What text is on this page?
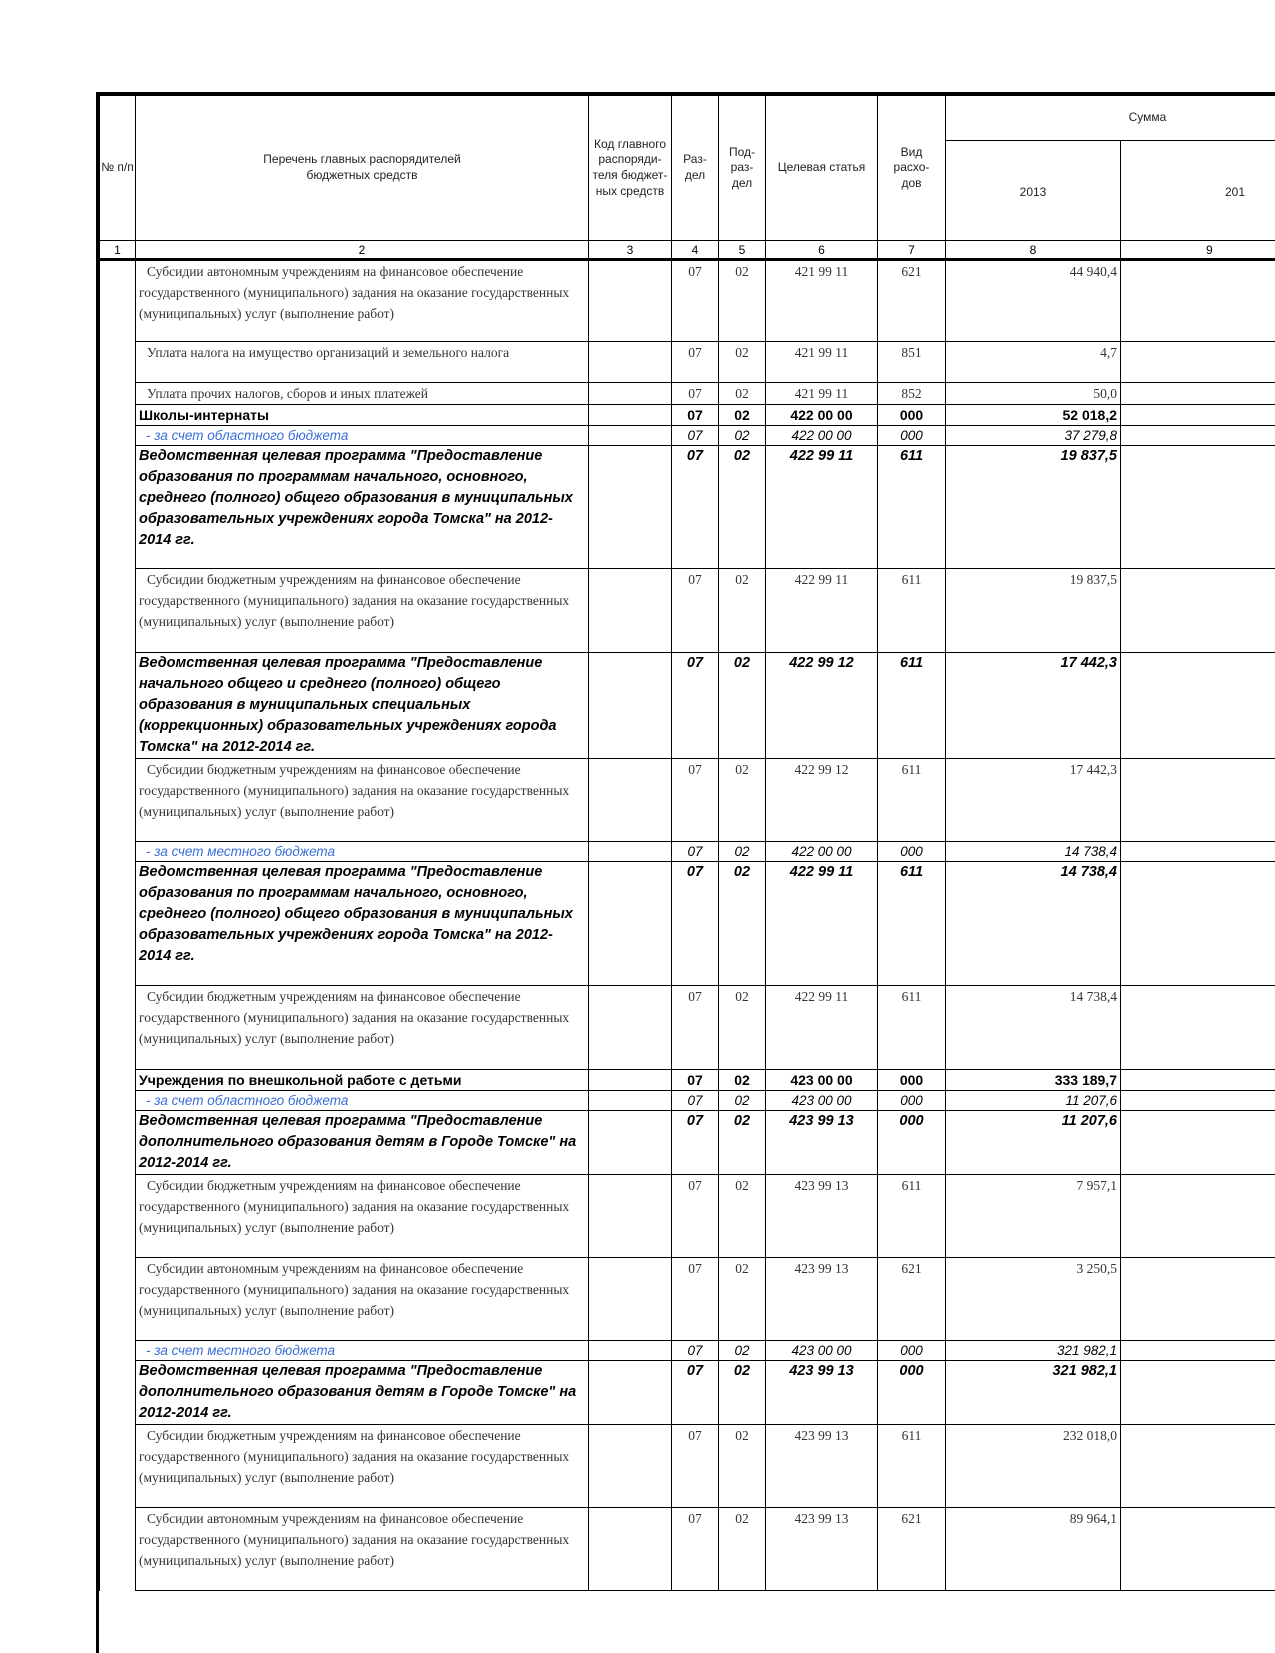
№ п/п	Перечень главных распорядителей бюджетных средств	Код главного распоряди- теля бюджет- ных средств	Раз- дел	Под- раз- дел	Целевая статья	Вид расхо- дов	Сумма	
							2013	201
1	2	3	4	5	6	7	8	9
	Субсидии автономным учреждениям на финансовое обеспечение государственного (муниципального) задания на оказание государственных (муниципальных) услуг (выполнение работ)		07	02	421 99 11	621	44 940,4	
	Уплата налога на имущество организаций и земельного налога		07	02	421 99 11	851	4,7	
	Уплата прочих налогов, сборов и иных платежей		07	02	421 99 11	852	50,0	
	Школы-интернаты		07	02	422 00 00	000	52 018,2	
	- за счет областного бюджета		07	02	422 00 00	000	37 279,8	
	Ведомственная целевая программа "Предоставление образования по программам начального, основного, среднего (полного) общего образования в муниципальных образовательных учреждениях города Томска" на 2012-2014 гг.		07	02	422 99 11	611	19 837,5	
	Субсидии бюджетным учреждениям на финансовое обеспечение государственного (муниципального) задания на оказание государственных (муниципальных) услуг (выполнение работ)		07	02	422 99 11	611	19 837,5	
	Ведомственная целевая программа "Предоставление начального общего и среднего (полного) общего образования в муниципальных специальных (коррекционных) образовательных учреждениях города Томска" на 2012-2014 гг.		07	02	422 99 12	611	17 442,3	
	Субсидии бюджетным учреждениям на финансовое обеспечение государственного (муниципального) задания на оказание государственных (муниципальных) услуг (выполнение работ)		07	02	422 99 12	611	17 442,3	
	- за счет местного бюджета		07	02	422 00 00	000	14 738,4	
	Ведомственная целевая программа "Предоставление образования по программам начального, основного, среднего (полного) общего образования в муниципальных образовательных учреждениях города Томска" на 2012-2014 гг.		07	02	422 99 11	611	14 738,4	
	Субсидии бюджетным учреждениям на финансовое обеспечение государственного (муниципального) задания на оказание государственных (муниципальных) услуг (выполнение работ)		07	02	422 99 11	611	14 738,4	
	Учреждения по внешкольной работе с детьми		07	02	423 00 00	000	333 189,7	
	- за счет областного бюджета		07	02	423 00 00	000	11 207,6	
	Ведомственная целевая программа "Предоставление дополнительного образования детям в Городе Томске" на 2012-2014 гг.		07	02	423 99 13	000	11 207,6	
	Субсидии бюджетным учреждениям на финансовое обеспечение государственного (муниципального) задания на оказание государственных (муниципальных) услуг (выполнение работ)		07	02	423 99 13	611	7 957,1	
	Субсидии автономным учреждениям на финансовое обеспечение государственного (муниципального) задания на оказание государственных (муниципальных) услуг (выполнение работ)		07	02	423 99 13	621	3 250,5	
	- за счет местного бюджета		07	02	423 00 00	000	321 982,1	
	Ведомственная целевая программа "Предоставление дополнительного образования детям в Городе Томске" на 2012-2014 гг.		07	02	423 99 13	000	321 982,1	
	Субсидии бюджетным учреждениям на финансовое обеспечение государственного (муниципального) задания на оказание государственных (муниципальных) услуг (выполнение работ)		07	02	423 99 13	611	232 018,0	
	Субсидии автономным учреждениям на финансовое обеспечение государственного (муниципального) задания на оказание государственных (муниципальных) услуг (выполнение работ)		07	02	423 99 13	621	89 964,1	
